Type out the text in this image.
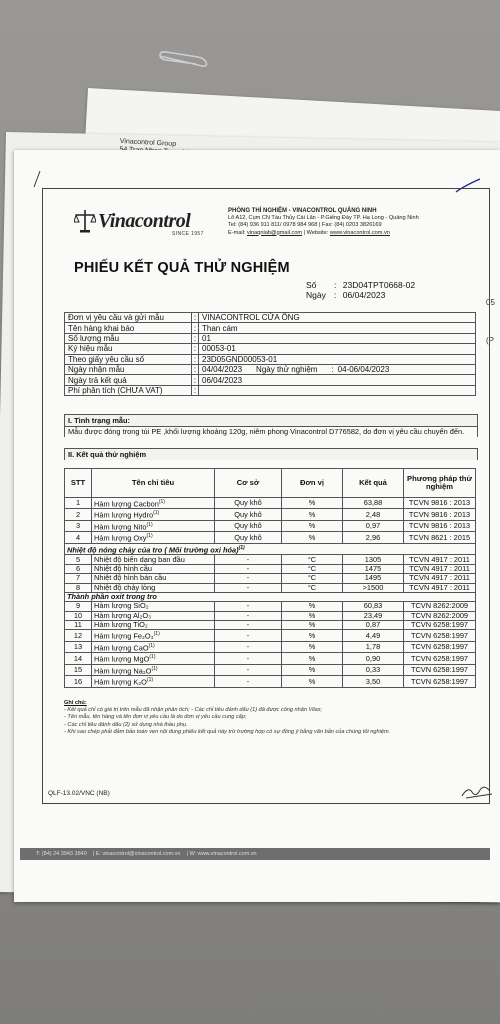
Vinacontrol Group
05
(P
Vinacontrol
SINCE 1957
PHÒNG THÍ NGHIỆM - VINACONTROL QUẢNG NINH
Lô A12, Cụm CN Tàu Thủy Cái Lân - P.Giếng Đáy TP. Hạ Long - Quảng Ninh
Tel: (84) 936 911 811/ 0978 984 968 | Fax: (84) 0203 3826169
E-mail: vinaqnlab@gmail.com | Website: www.vinacontrol.com.vn
PHIẾU KẾT QUẢ THỬ NGHIỆM
Số : 23D04TPT0668-02
Ngày : 06/04/2023
Đơn vị yêu cầu và gửi mẫu	:	VINACONTROL CỬA ÔNG
Tên hàng khai báo	:	Than cám
Số lượng mẫu	:	01
Ký hiệu mẫu	:	00053-01
Theo giấy yêu cầu số	:	23D05GND00053-01
Ngày nhận mẫu	:	04/04/2023 Ngày thử nghiệm : 04-06/04/2023
Ngày trả kết quả	:	06/04/2023
Phí phân tích (CHƯA VAT)	:	
I. Tình trạng mẫu:
Mẫu được đóng trong túi PE ,khối lượng khoảng 120g, niêm phong Vinacontrol D776582, do đơn vị yêu cầu chuyển đến.
II. Kết quả thử nghiệm
STT	Tên chỉ tiêu	Cơ sở	Đơn vị	Kết quả	Phương pháp thử nghiệm
1	Hàm lượng Cacbon$^{(1)}$	Quy khô	%	63,88	TCVN 9816 : 2013
2	Hàm lượng Hydro$^{(1)}$	Quy khô	%	2,48	TCVN 9816 : 2013
3	Hàm lượng Nito$^{(1)}$	Quy khô	%	0,97	TCVN 9816 : 2013
4	Hàm lượng Oxy$^{(1)}$	Quy khô	%	2,96	TCVN 8621 : 2015
Nhiệt độ nóng chảy của tro ( Môi trường oxi hóa)$^{(1)}$
5	Nhiệt độ biến dạng ban đầu	-	°C	1305	TCVN 4917 : 2011
6	Nhiệt độ hình cầu	-	°C	1475	TCVN 4917 : 2011
7	Nhiệt độ hình bán cầu	-	°C	1495	TCVN 4917 : 2011
8	Nhiệt độ chảy lỏng	-	°C	>1500	TCVN 4917 : 2011
Thành phần oxit trong tro					
9	Hàm lượng SiO₂	-	%	60,83	TCVN 8262:2009
10	Hàm lượng Al₂O₃	-	%	23,49	TCVN 8262:2009
11	Hàm lượng TiO₂	-	%	0,87	TCVN 6258:1997
12	Hàm lượng Fe₂O₃$^{(1)}$	-	%	4,49	TCVN 6258:1997
13	Hàm lượng CaO$^{(1)}$	-	%	1,78	TCVN 6258:1997
14	Hàm lượng MgO$^{(1)}$	-	%	0,90	TCVN 6258:1997
15	Hàm lượng $Na_2O^{(1)}$	-	%	0,33	TCVN 6258:1997
16	Hàm lượng $K_2O^{(1)}$	-	%	3,50	TCVN 6258:1997
Ghi chú:
- Kết quả chỉ có giá trị trên mẫu đã nhận phân tích; - Các chỉ tiêu đánh dấu (1) đã được công nhận Vilas;
- Tên mẫu, tên hàng và tên đơn vị yêu cầu là do đơn vị yêu cầu cung cấp;
- Các chỉ tiêu đánh dấu (2) sử dụng nhà thầu phụ.
- Khi sao chép phải đảm bảo toàn vẹn nội dung phiếu kết quả này trừ trường hợp có sự đồng ý bằng văn bản của chúng tôi nghiệm.
QLF-13.02/VNC (NB)
T: (84) 24 3943 3840 | E: vinacontrol@vinacontrol.com.vn | W: www.vinacontrol.com.vn
